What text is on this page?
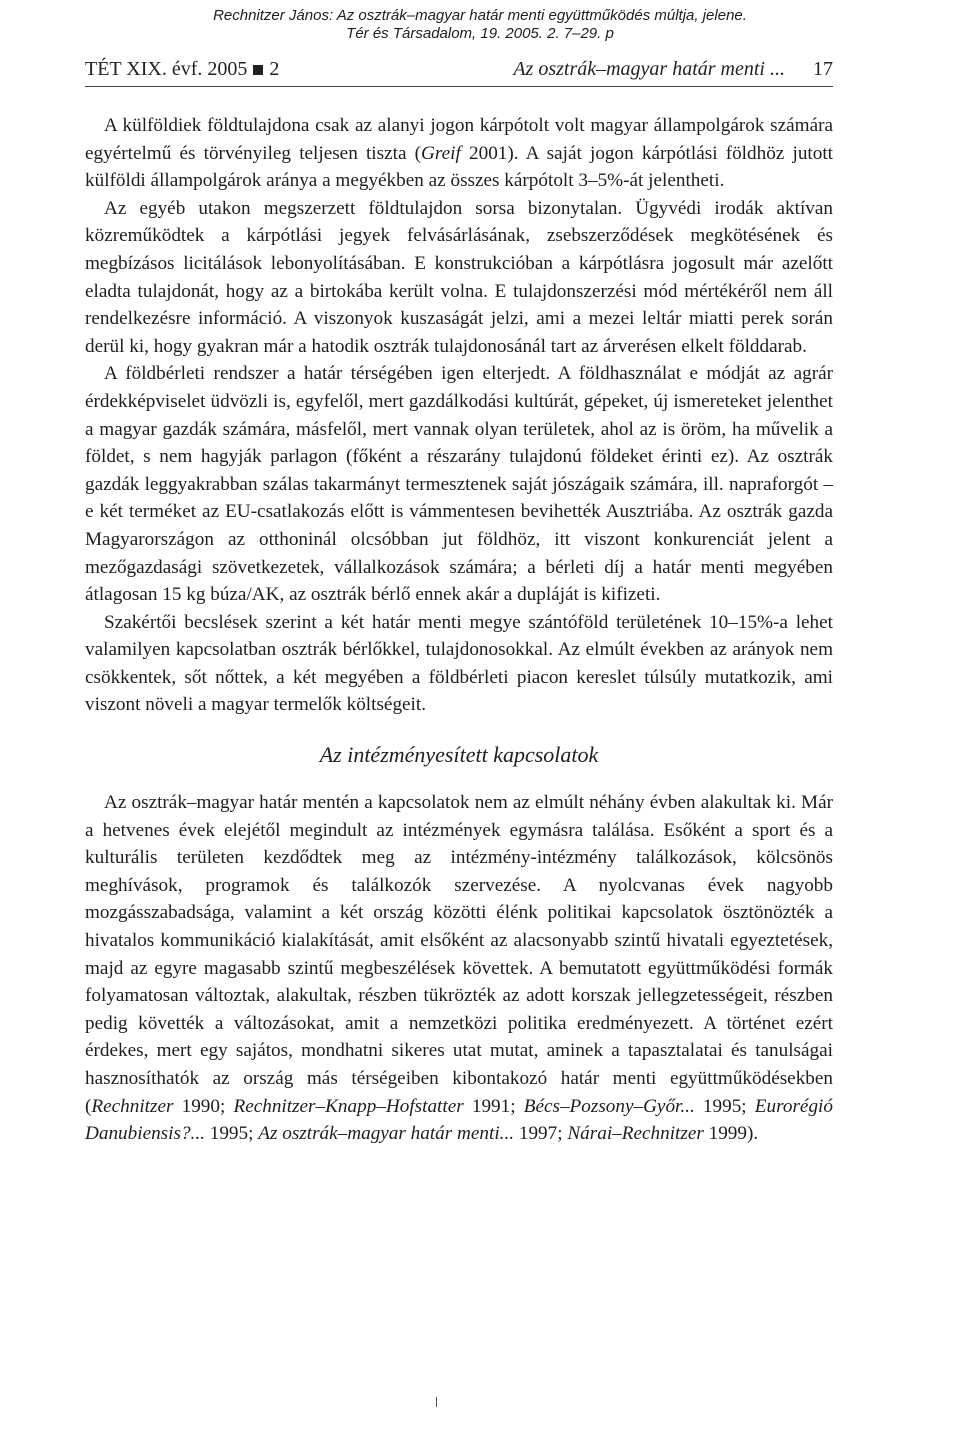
Rechnitzer János: Az osztrák–magyar határ menti együttműködés múltja, jelene.
Tér és Társadalom, 19. 2005. 2. 7–29. p
TÉT XIX. évf. 2005 2	Az osztrák–magyar határ menti ... 17

A külföldiek földtulajdona csak az alanyi jogon kárpótolt volt magyar állampolgárok számára egyértelmű és törvényileg teljesen tiszta (Greif 2001). A saját jogon kárpótlási földhöz jutott külföldi állampolgárok aránya a megyékben az összes kárpótolt 3–5%-át jelentheti.

Az egyéb utakon megszerzett földtulajdon sorsa bizonytalan. Ügyvédi irodák aktívan közreműködtek a kárpótlási jegyek felvásárlásának, zsebszerződések megkötésének és megbízásos licitálások lebonyolításában. E konstrukcióban a kárpótlásra jogosult már azelőtt eladta tulajdonát, hogy az a birtokába került volna. E tulajdonszerzési mód mértékéről nem áll rendelkezésre információ. A viszonyok kuszaságát jelzi, ami a mezei leltár miatti perek során derül ki, hogy gyakran már a hatodik osztrák tulajdonosánál tart az árverésen elkelt földdarab.

A földbérleti rendszer a határ térségében igen elterjedt. A földhasználat e módját az agrár érdekképviselet üdvözli is, egyfelől, mert gazdálkodási kultúrát, gépeket, új ismereteket jelenthet a magyar gazdák számára, másfelől, mert vannak olyan területek, ahol az is öröm, ha művelik a földet, s nem hagyják parlagon (főként a részarány tulajdonú földeket érinti ez). Az osztrák gazdák leggyakrabban szálas takarmányt termesztenek saját jószágaik számára, ill. napraforgót – e két terméket az EU-csatlakozás előtt is vámmentesen bevihették Ausztriába. Az osztrák gazda Magyarországon az otthoninál olcsóbban jut földhöz, itt viszont konkurenciát jelent a mezőgazdasági szövetkezetek, vállalkozások számára; a bérleti díj a határ menti megyében átlagosan 15 kg búza/AK, az osztrák bérlő ennek akár a dupláját is kifizeti.

Szakértői becslések szerint a két határ menti megye szántóföld területének 10–15%-a lehet valamilyen kapcsolatban osztrák bérlőkkel, tulajdonosokkal. Az elmúlt években az arányok nem csökkentek, sőt nőttek, a két megyében a földbérleti piacon kereslet túlsúly mutatkozik, ami viszont növeli a magyar termelők költségeit.

Az intézményesített kapcsolatok

Az osztrák–magyar határ mentén a kapcsolatok nem az elmúlt néhány évben alakultak ki. Már a hetvenes évek elejétől megindult az intézmények egymásra találása. Esőként a sport és a kulturális területen kezdődtek meg az intézmény-intézmény találkozások, kölcsönös meghívások, programok és találkozók szervezése. A nyolcvanas évek nagyobb mozgásszabadsága, valamint a két ország közötti élénk politikai kapcsolatok ösztönözték a hivatalos kommunikáció kialakítását, amit elsőként az alacsonyabb szintű hivatali egyeztetések, majd az egyre magasabb szintű megbeszélések követtek. A bemutatott együttműködési formák folyamatosan változtak, alakultak, részben tükrözték az adott korszak jellegzetességeit, részben pedig követték a változásokat, amit a nemzetközi politika eredményezett. A történet ezért érdekes, mert egy sajátos, mondhatni sikeres utat mutat, aminek a tapasztalatai és tanulságai hasznosíthatók az ország más térségeiben kibontakozó határ menti együttműködésekben (Rechnitzer 1990; Rechnitzer–Knapp–Hofstatter 1991; Bécs–Pozsony–Győr... 1995; Eurorégió Danubiensis?... 1995; Az osztrák–magyar határ menti... 1997; Nárai–Rechnitzer 1999).
